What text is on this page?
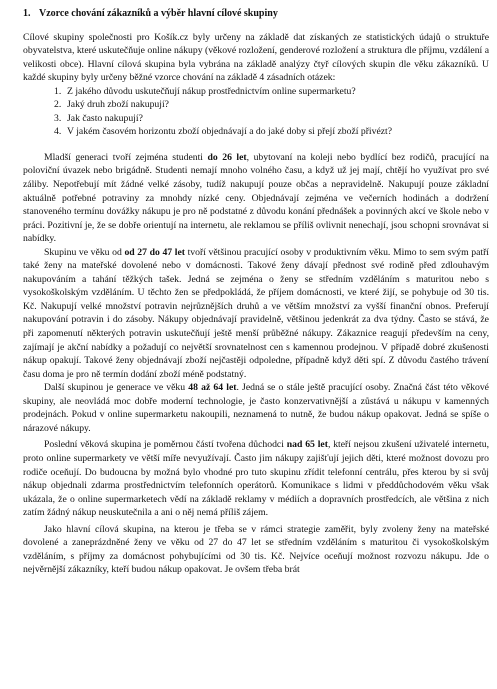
1. Vzorce chování zákazníků a výběr hlavní cílové skupiny

Cílové skupiny společnosti pro Košík.cz byly určeny na základě dat získaných ze statistických údajů o struktuře obyvatelstva, které uskutečňuje online nákupy (věkové rozložení, genderové rozložení a struktura dle příjmu, vzdálení a velikosti obce). Hlavní cílová skupina byla vybrána na základě analýzy čtyř cílových skupin dle věku zákazníků. U každé skupiny byly určeny běžné vzorce chování na základě 4 zásadních otázek:

1. Z jakého důvodu uskutečňují nákup prostřednictvím online supermarketu?
2. Jaký druh zboží nakupují?
3. Jak často nakupují?
4. V jakém časovém horizontu zboží objednávají a do jaké doby si přejí zboží přivézt?

Mladší generaci tvoří zejména studenti do 26 let, ubytovaní na koleji nebo bydlící bez rodičů, pracující na poloviční úvazek nebo brigádně. Studenti nemají mnoho volného času, a když už jej mají, chtějí ho využívat pro své záliby. Nepotřebují mít žádné velké zásoby, tudíž nakupují pouze občas a nepravidelně. Nakupují pouze základní aktuálně potřebné potraviny za mnohdy nízké ceny. Objednávají zejména ve večerních hodinách a dodržení stanoveného termínu dovážky nákupu je pro ně podstatné z důvodu konání přednášek a povinných akcí ve škole nebo v práci. Pozitivní je, že se dobře orientují na internetu, ale reklamou se příliš ovlivnit nenechají, jsou schopni srovnávat si nabídky.

Skupinu ve věku od od 27 do 47 let tvoří většinou pracující osoby v produktivním věku. Mimo to sem svým patří také ženy na mateřské dovolené nebo v domácnosti. Takové ženy dávají přednost své rodině před zdlouhavým nakupováním a tahání těžkých tašek. Jedná se zejména o ženy se středním vzděláním s maturitou nebo s vysokoškolským vzděláním. U těchto žen se předpokládá, že příjem domácnosti, ve které žijí, se pohybuje od 30 tis. Kč. Nakupují velké množství potravin nejrůznějších druhů a ve větším množství za vyšší finanční obnos. Preferují nakupování potravin i do zásoby. Nákupy objednávají pravidelně, většinou jedenkrát za dva týdny. Často se stává, že při zapomenutí některých potravin uskutečňují ještě menší průběžné nákupy. Zákaznice reagují především na ceny, zajímají je akční nabídky a požadují co největší srovnatelnost cen s kamennou prodejnou. V případě dobré zkušenosti nákup opakují. Takové ženy objednávají zboží nejčastěji odpoledne, případně když děti spí. Z důvodu častého trávení času doma je pro ně termín dodání zboží méně podstatný.

Další skupinou je generace ve věku 48 až 64 let. Jedná se o stále ještě pracující osoby. Značná část této věkové skupiny, ale neovládá moc dobře moderní technologie, je často konzervativnější a zůstává u nákupu v kamenných prodejnách. Pokud v online supermarketu nakoupili, neznamená to nutně, že budou nákup opakovat. Jedná se spíše o nárazové nákupy.

Poslední věková skupina je poměrnou částí tvořena důchodci nad 65 let, kteří nejsou zkušení uživatelé internetu, proto online supermarkety ve větší míře nevyužívají. Často jim nákupy zajišťují jejich děti, které možnost dovozu pro rodiče oceňují. Do budoucna by možná bylo vhodné pro tuto skupinu zřídit telefonní centrálu, přes kterou by si svůj nákup objednali zdarma prostřednictvím telefonních operátorů. Komunikace s lidmi v předdůchodovém věku však ukázala, že o online supermarketech vědí na základě reklamy v médiích a dopravních prostředcích, ale většina z nich zatím žádný nákup neuskutečnila a ani o něj nemá příliš zájem.

Jako hlavní cílová skupina, na kterou je třeba se v rámci strategie zaměřit, byly zvoleny ženy na mateřské dovolené a zaneprázdněné ženy ve věku od 27 do 47 let se středním vzděláním s maturitou či vysokoškolským vzděláním, s příjmy za domácnost pohybujícími od 30 tis. Kč. Nejvíce oceňují možnost rozvozu nákupu. Jde o nejvěrnější zákazníky, kteří budou nákup opakovat. Je ovšem třeba brát
